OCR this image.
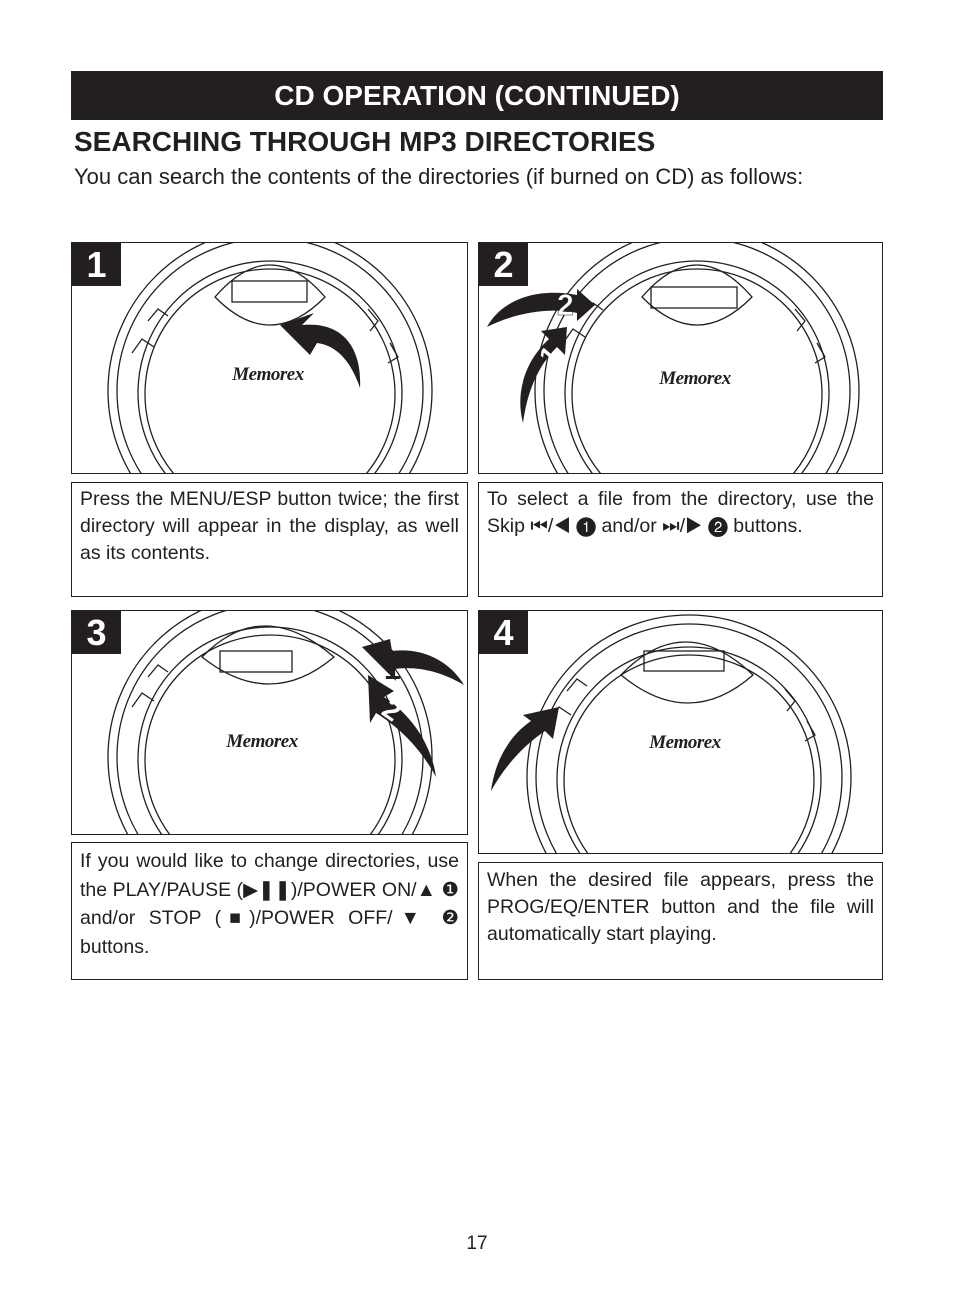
CD OPERATION (CONTINUED)
SEARCHING THROUGH MP3 DIRECTORIES
You can search the contents of the directories (if burned on CD) as follows:
1
Memorex
Press the MENU/ESP button twice; the first directory will appear in the display, as well as its contents.
2
2
1
Memorex
To select a file from the directory, use the Skip ⏮/◀ ❶ and/or ⏭/▶ ❷ buttons.
3
1
2
Memorex
If you would like to change directories, use the PLAY/PAUSE (▶❚❚)/POWER ON/▲ ❶ and/or STOP (■)/POWER OFF/▼ ❷ buttons.
4
Memorex
When the desired file appears, press the PROG/EQ/ENTER button and the file will automatically start playing.
17
